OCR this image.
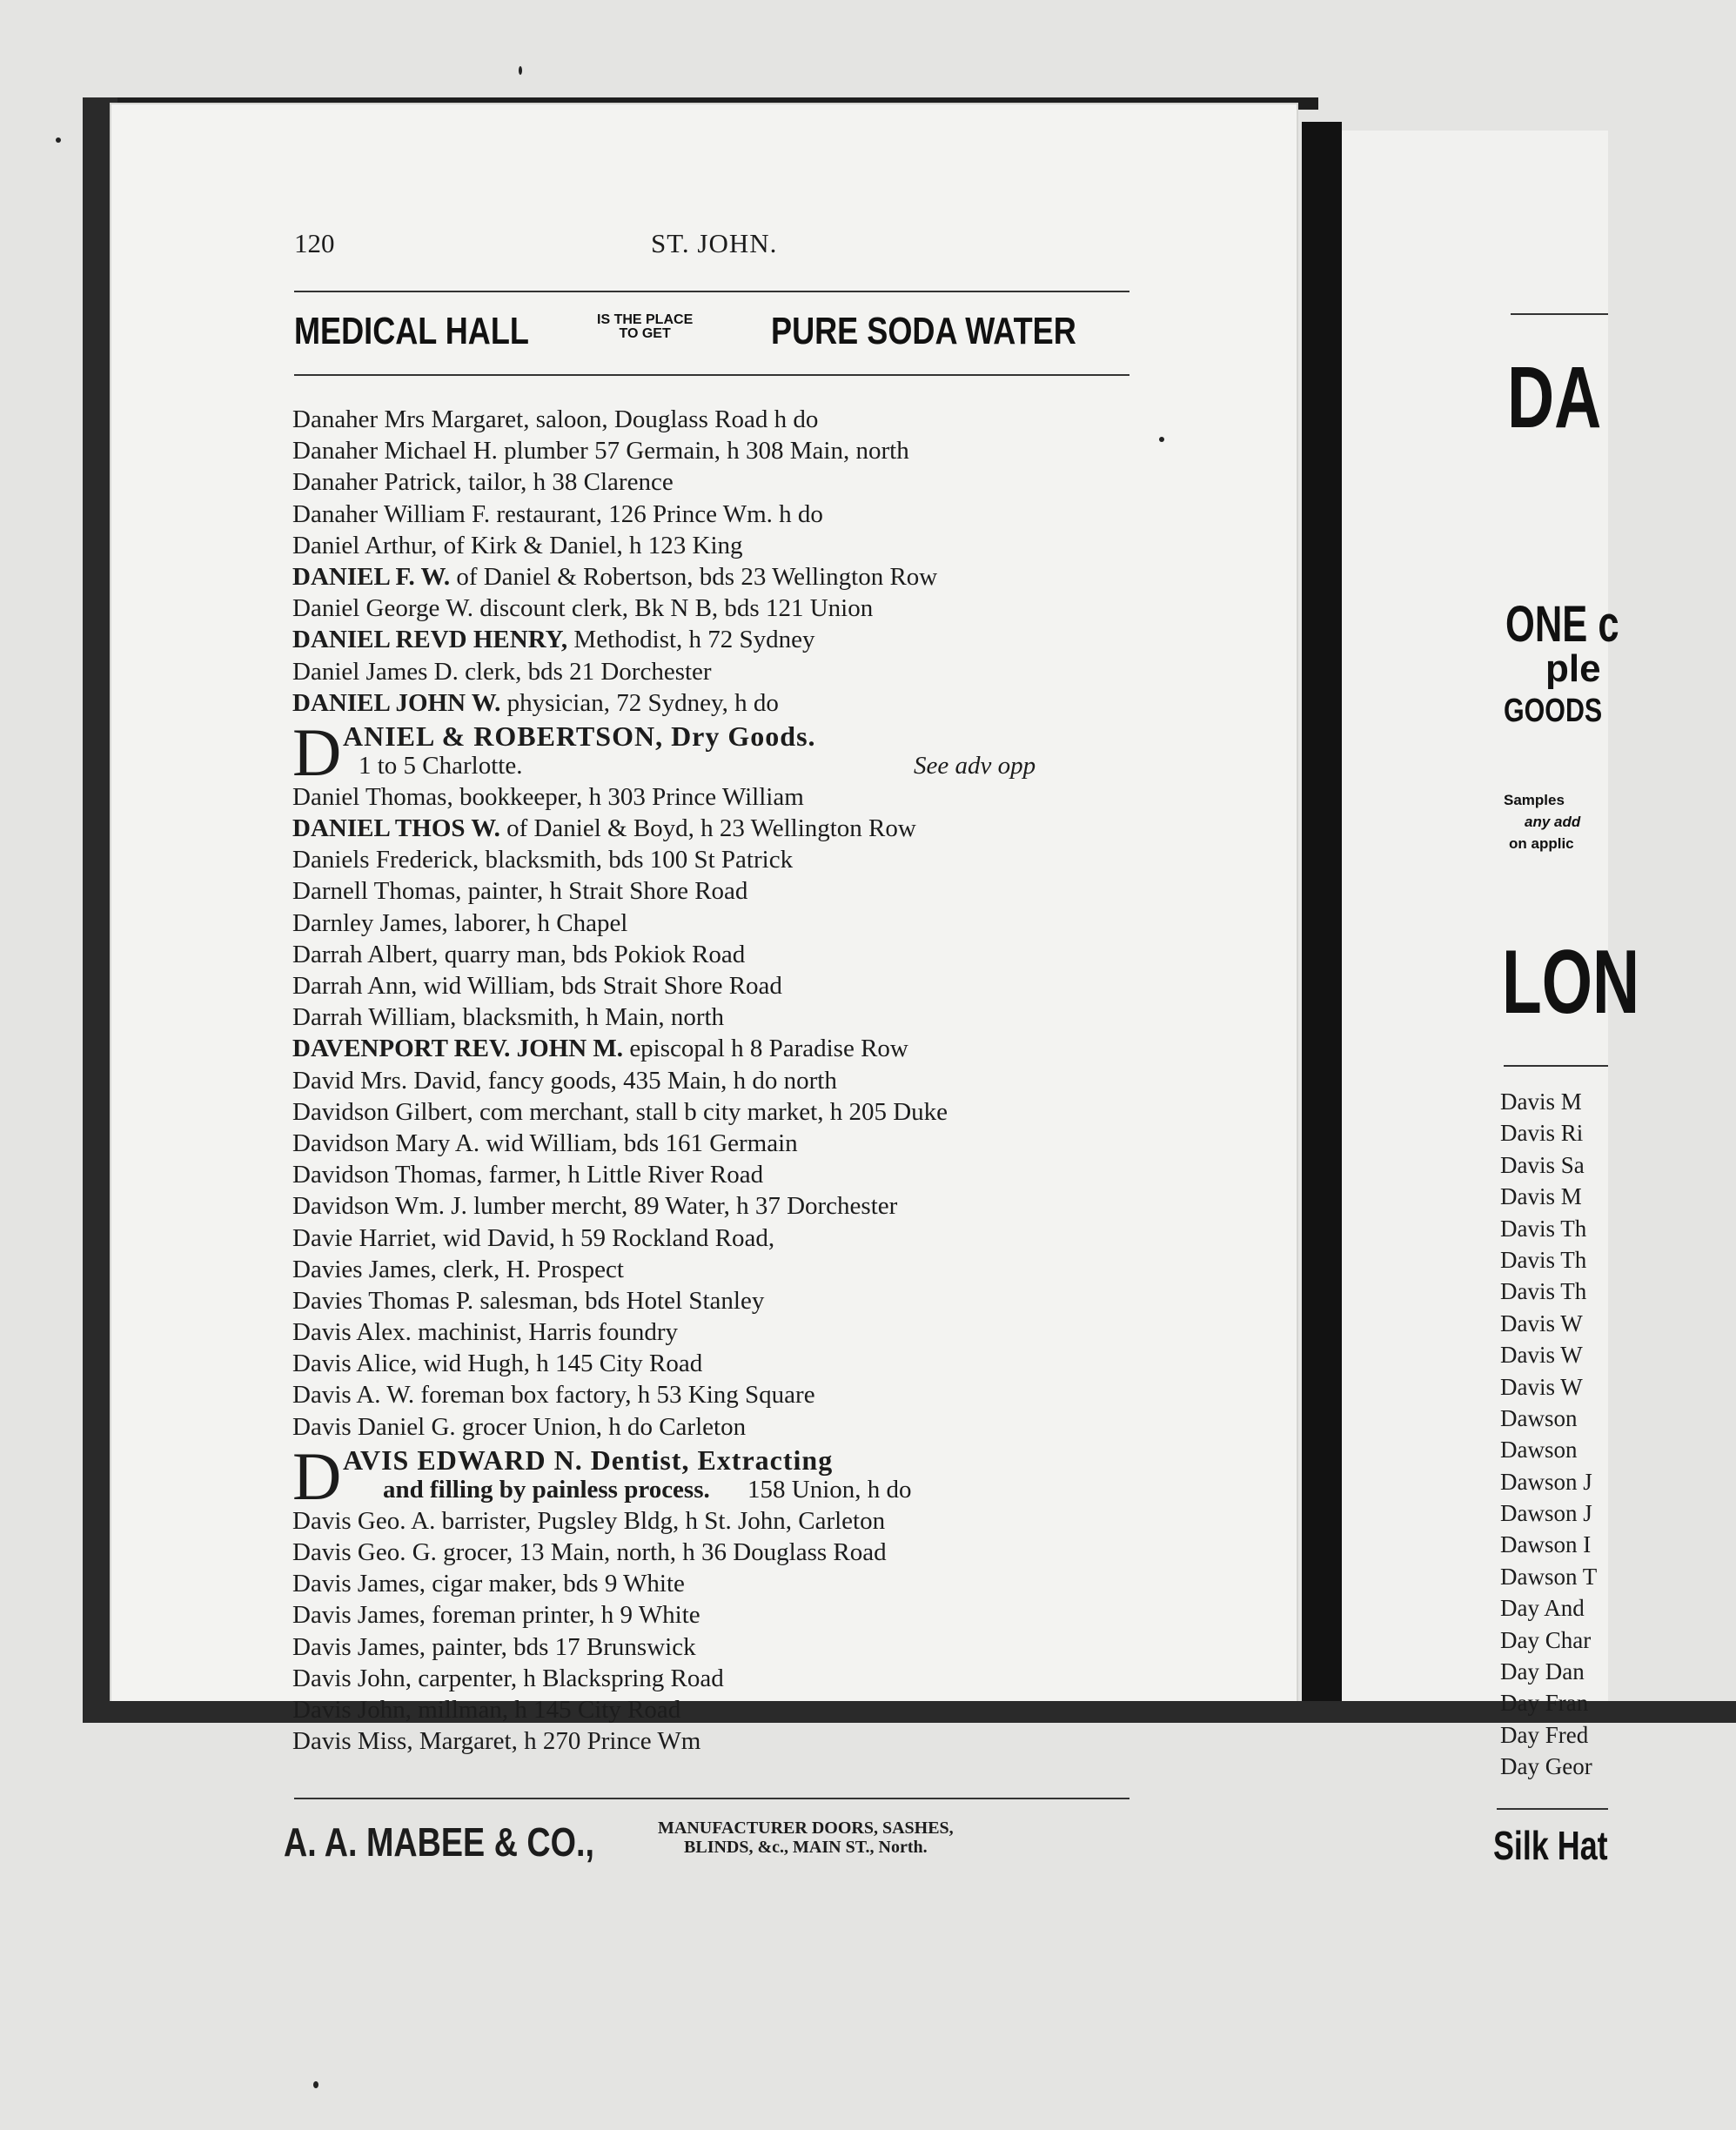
120	ST. JOHN.
MEDICAL HALL	IS THE PLACE
TO GET	PURE SODA WATER
Danaher Mrs Margaret, saloon, Douglass Road h do
Danaher Michael H. plumber 57 Germain, h 308 Main, north
Danaher Patrick, tailor, h 38 Clarence
Danaher William F. restaurant, 126 Prince Wm. h do
Daniel Arthur, of Kirk & Daniel, h 123 King
DANIEL F. W. of Daniel & Robertson, bds 23 Wellington Row
Daniel George W. discount clerk, Bk N B, bds 121 Union
DANIEL REVD HENRY, Methodist, h 72 Sydney
Daniel James D. clerk, bds 21 Dorchester
DANIEL JOHN W. physician, 72 Sydney, h do
D ANIEL & ROBERTSON, Dry Goods.
1 to 5 Charlotte.	See adv opp
Daniel Thomas, bookkeeper, h 303 Prince William
DANIEL THOS W. of Daniel & Boyd, h 23 Wellington Row
Daniels Frederick, blacksmith, bds 100 St Patrick
Darnell Thomas, painter, h Strait Shore Road
Darnley James, laborer, h Chapel
Darrah Albert, quarry man, bds Pokiok Road
Darrah Ann, wid William, bds Strait Shore Road
Darrah William, blacksmith, h Main, north
DAVENPORT REV. JOHN M. episcopal h 8 Paradise Row
David Mrs. David, fancy goods, 435 Main, h do north
Davidson Gilbert, com merchant, stall b city market, h 205 Duke
Davidson Mary A. wid William, bds 161 Germain
Davidson Thomas, farmer, h Little River Road
Davidson Wm. J. lumber mercht, 89 Water, h 37 Dorchester
Davie Harriet, wid David, h 59 Rockland Road,
Davies James, clerk, H. Prospect
Davies Thomas P. salesman, bds Hotel Stanley
Davis Alex. machinist, Harris foundry
Davis Alice, wid Hugh, h 145 City Road
Davis A. W. foreman box factory, h 53 King Square
Davis Daniel G. grocer Union, h do Carleton
D AVIS EDWARD N. Dentist, Extracting
and filling by painless process. 158 Union, h do
Davis Geo. A. barrister, Pugsley Bldg, h St. John, Carleton
Davis Geo. G. grocer, 13 Main, north, h 36 Douglass Road
Davis James, cigar maker, bds 9 White
Davis James, foreman printer, h 9 White
Davis James, painter, bds 17 Brunswick
Davis John, carpenter, h Blackspring Road
Davis John, millman, h 145 City Road
Davis Miss, Margaret, h 270 Prince Wm
A. A. MABEE & CO.,	MANUFACTURER DOORS, SASHES,
BLINDS, &c., MAIN ST., North.
DA
ONE c
ple
GOODS
Samples
any add
on applic
LON
Davis M
Davis Ri
Davis Sa
Davis M
Davis Th
Davis Th
Davis Th
Davis W
Davis W
Davis W
Dawson
Dawson
Dawson J
Dawson J
Dawson I
Dawson T
Day And
Day Char
Day Dan
Day Fran
Day Fred
Day Geor
Silk Hat
